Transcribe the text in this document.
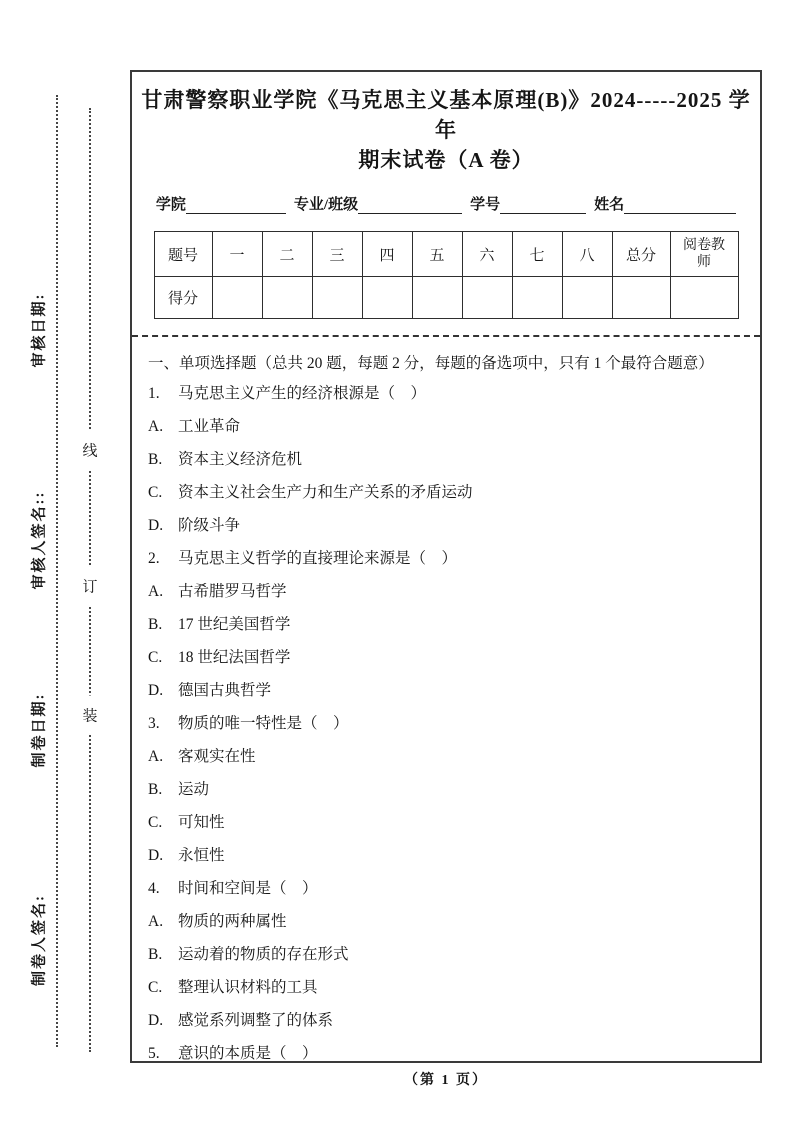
审核日期:
审核人签名::
制卷日期:
制卷人签名:
线
订
装
甘肃警察职业学院《马克思主义基本原理(B)》2024-----2025 学年
期末试卷（A 卷）
学院	专业/班级	学号	姓名
题号	一	二	三	四	五	六	七	八	总分	阅卷教师
得分										
一、单项选择题（总共 20 题，每题 2 分，每题的备选项中，只有 1 个最符合题意）
1. 马克思主义产生的经济根源是（　）
A. 工业革命
B. 资本主义经济危机
C. 资本主义社会生产力和生产关系的矛盾运动
D. 阶级斗争
2. 马克思主义哲学的直接理论来源是（　）
A. 古希腊罗马哲学
B. 17 世纪美国哲学
C. 18 世纪法国哲学
D. 德国古典哲学
3. 物质的唯一特性是（　）
A. 客观实在性
B. 运动
C. 可知性
D. 永恒性
4. 时间和空间是（　）
A. 物质的两种属性
B. 运动着的物质的存在形式
C. 整理认识材料的工具
D. 感觉系列调整了的体系
5. 意识的本质是（　）
（第 1 页）
